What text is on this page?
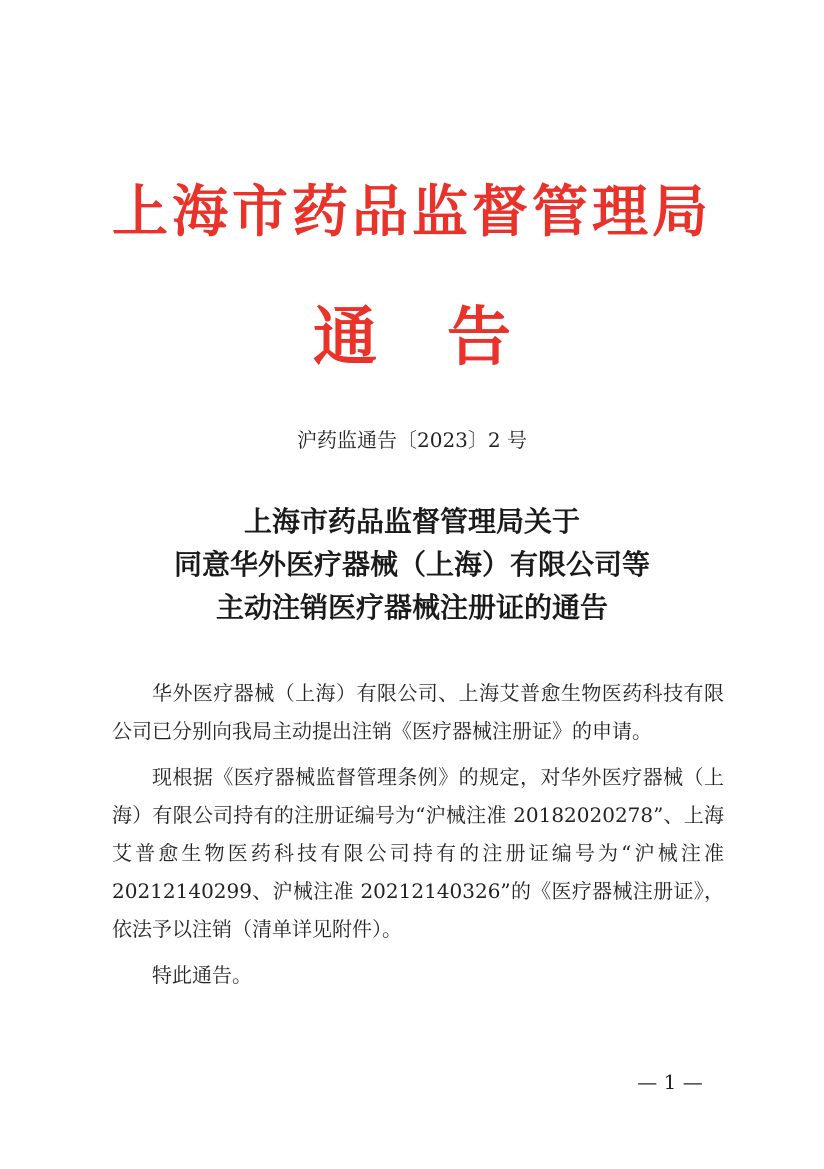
上海市药品监督管理局
通 告
沪药监通告〔2023〕2 号
上海市药品监督管理局关于
同意华外医疗器械（上海）有限公司等
主动注销医疗器械注册证的通告

华外医疗器械（上海）有限公司、上海艾普愈生物医药科技有限公司已分别向我局主动提出注销《医疗器械注册证》的申请。

现根据《医疗器械监督管理条例》的规定，对华外医疗器械（上海）有限公司持有的注册证编号为“沪械注准 20182020278”、上海艾普愈生物医药科技有限公司持有的注册证编号为“沪械注准 20212140299、沪械注准 20212140326”的《医疗器械注册证》，依法予以注销（清单详见附件）。

特此通告。

— 1 —
